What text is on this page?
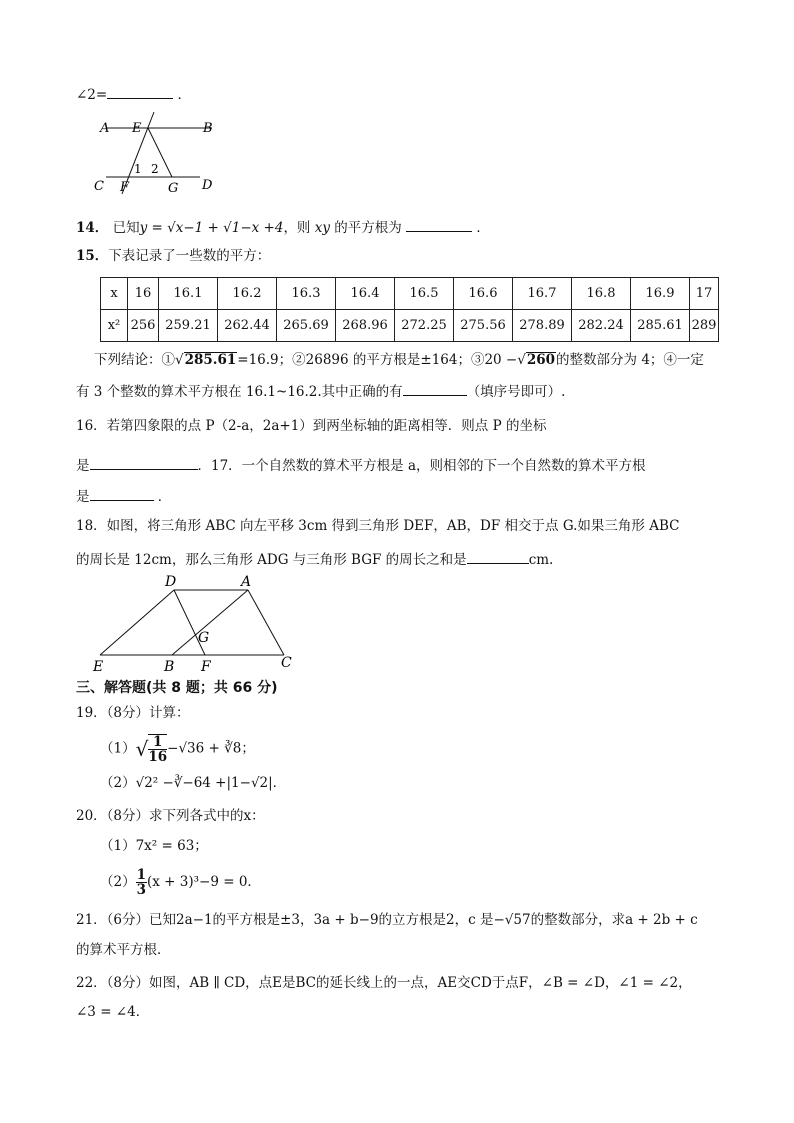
∠2=	．
A E	B
1 2
C F	G D
14． 已知y = √x−1 + √1−x +4，则 xy 的平方根为	．
15．下表记录了一些数的平方：
x	16	16.1	16.2	16.3	16.4	16.5	16.6	16.7	16.8	16.9	17
x²	256	259.21	262.44	265.69	268.96	272.25	275.56	278.89	282.24	285.61	289
下列结论：①√285.61=16.9；②26896 的平方根是±164；③20 −√260的整数部分为 4；④一定
有 3 个整数的算术平方根在 16.1~16.2.其中正确的有	（填序号即可）.
16．若第四象限的点 P（2-a，2a+1）到两坐标轴的距离相等．则点 P 的坐标
是	．17．一个自然数的算术平方根是 a，则相邻的下一个自然数的算术平方根
是	．
18．如图，将三角形 ABC 向左平移 3cm 得到三角形 DEF，AB，DF 相交于点 G.如果三角形 ABC
的周长是 12cm，那么三角形 ADG 与三角形 BGF 的周长之和是	cm.
D	A
G
E	B F	C
三、解答题(共 8 题；共 66 分)
19．（8分）计算：
$(1)√ \frac{1}{16} -√36$ + ∛8；
（2）√2² −∛−64 +|1−√2|．
20．（8分）求下列各式中的x：
（1）7x² = 63；
$(2) \frac{1}{3} (x + 3)^3-9 = 0$．
21．（6分）已知2a−1的平方根是±3，3a + b−9的立方根是2，c 是−√57的整数部分，求a + 2b + c
的算术平方根．
22．（8分）如图，AB ∥ CD，点E是BC的延长线上的一点，AE交CD于点F，∠B = ∠D，∠1 = ∠2，
∠3 = ∠4．
